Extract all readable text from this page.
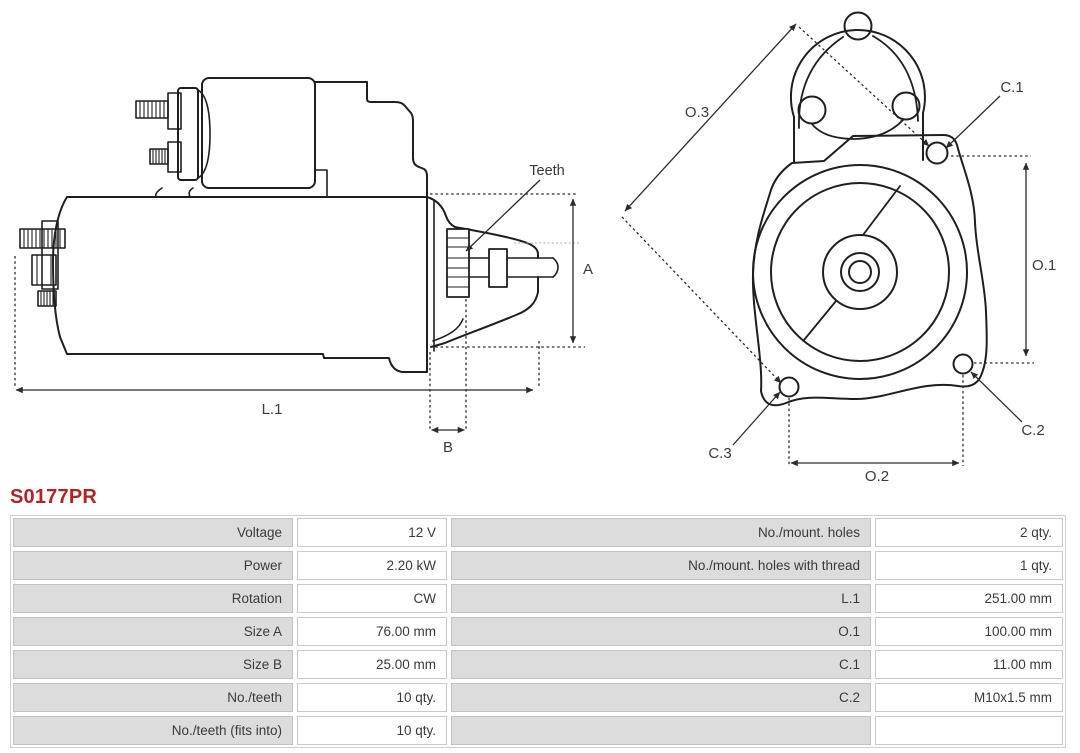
Teeth
A
B
L.1
O.3
C.1
O.1
C.2
C.3
O.2
S0177PR
Voltage	12 V	No./mount. holes	2 qty.
Power	2.20 kW	No./mount. holes with thread	1 qty.
Rotation	CW	L.1	251.00 mm
Size A	76.00 mm	O.1	100.00 mm
Size B	25.00 mm	C.1	11.00 mm
No./teeth	10 qty.	C.2	M10x1.5 mm
No./teeth (fits into)	10 qty.
